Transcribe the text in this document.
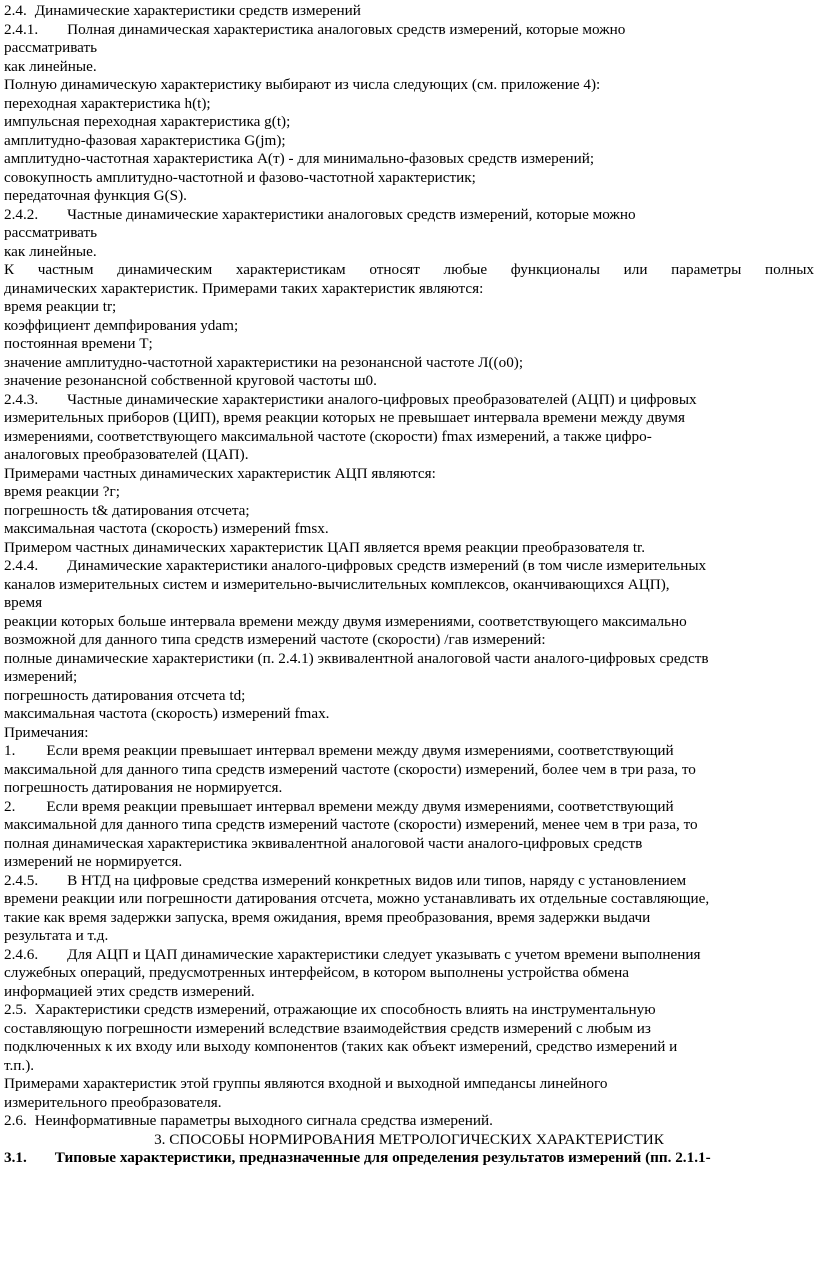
2.4. Динамические характеристики средств измерений
2.4.1. Полная динамическая характеристика аналоговых средств измерений, которые можно
рассматривать
как линейные.
Полную динамическую характеристику выбирают из числа следующих (см. приложение 4):
переходная характеристика h(t);
импульсная переходная характеристика g(t);
амплитудно-фазовая характеристика G(jm);
амплитудно-частотная характеристика A(т) - для минимально-фазовых средств измерений;
совокупность амплитудно-частотной и фазово-частотной характеристик;
передаточная функция G(S).
2.4.2. Частные динамические характеристики аналоговых средств измерений, которые можно
рассматривать
как линейные.
К частным динамическим характеристикам относят любые функционалы или параметры полных
динамических характеристик. Примерами таких характеристик являются:
время реакции tr;
коэффициент демпфирования ydam;
постоянная времени Т;
значение амплитудно-частотной характеристики на резонансной частоте Л((о0);
значение резонансной собственной круговой частоты ш0.
2.4.3. Частные динамические характеристики аналого-цифровых преобразователей (АЦП) и цифровых
измерительных приборов (ЦИП), время реакции которых не превышает интервала времени между двумя
измерениями, соответствующего максимальной частоте (скорости) fmax измерений, а также цифро-
аналоговых преобразователей (ЦАП).
Примерами частных динамических характеристик АЦП являются:
время реакции ?г;
погрешность t& датирования отсчета;
максимальная частота (скорость) измерений fmsx.
Примером частных динамических характеристик ЦАП является время реакции преобразователя tr.
2.4.4. Динамические характеристики аналого-цифровых средств измерений (в том числе измерительных
каналов измерительных систем и измерительно-вычислительных комплексов, оканчивающихся АЦП),
время
реакции которых больше интервала времени между двумя измерениями, соответствующего максимально
возможной для данного типа средств измерений частоте (скорости) /гав измерений:
полные динамические характеристики (п. 2.4.1) эквивалентной аналоговой части аналого-цифровых средств
измерений;
погрешность датирования отсчета td;
максимальная частота (скорость) измерений fmax.
Примечания:
1. Если время реакции превышает интервал времени между двумя измерениями, соответствующий
максимальной для данного типа средств измерений частоте (скорости) измерений, более чем в три раза, то
погрешность датирования не нормируется.
2. Если время реакции превышает интервал времени между двумя измерениями, соответствующий
максимальной для данного типа средств измерений частоте (скорости) измерений, менее чем в три раза, то
полная динамическая характеристика эквивалентной аналоговой части аналого-цифровых средств
измерений не нормируется.
2.4.5. В НТД на цифровые средства измерений конкретных видов или типов, наряду с установлением
времени реакции или погрешности датирования отсчета, можно устанавливать их отдельные составляющие,
такие как время задержки запуска, время ожидания, время преобразования, время задержки выдачи
результата и т.д.
2.4.6. Для АЦП и ЦАП динамические характеристики следует указывать с учетом времени выполнения
служебных операций, предусмотренных интерфейсом, в котором выполнены устройства обмена
информацией этих средств измерений.
2.5. Характеристики средств измерений, отражающие их способность влиять на инструментальную
составляющую погрешности измерений вследствие взаимодействия средств измерений с любым из
подключенных к их входу или выходу компонентов (таких как объект измерений, средство измерений и
т.п.).
Примерами характеристик этой группы являются входной и выходной импедансы линейного
измерительного преобразователя.
2.6. Неинформативные параметры выходного сигнала средства измерений.
3. СПОСОБЫ НОРМИРОВАНИЯ МЕТРОЛОГИЧЕСКИХ ХАРАКТЕРИСТИК
3.1. Типовые характеристики, предназначенные для определения результатов измерений (пп. 2.1.1-
